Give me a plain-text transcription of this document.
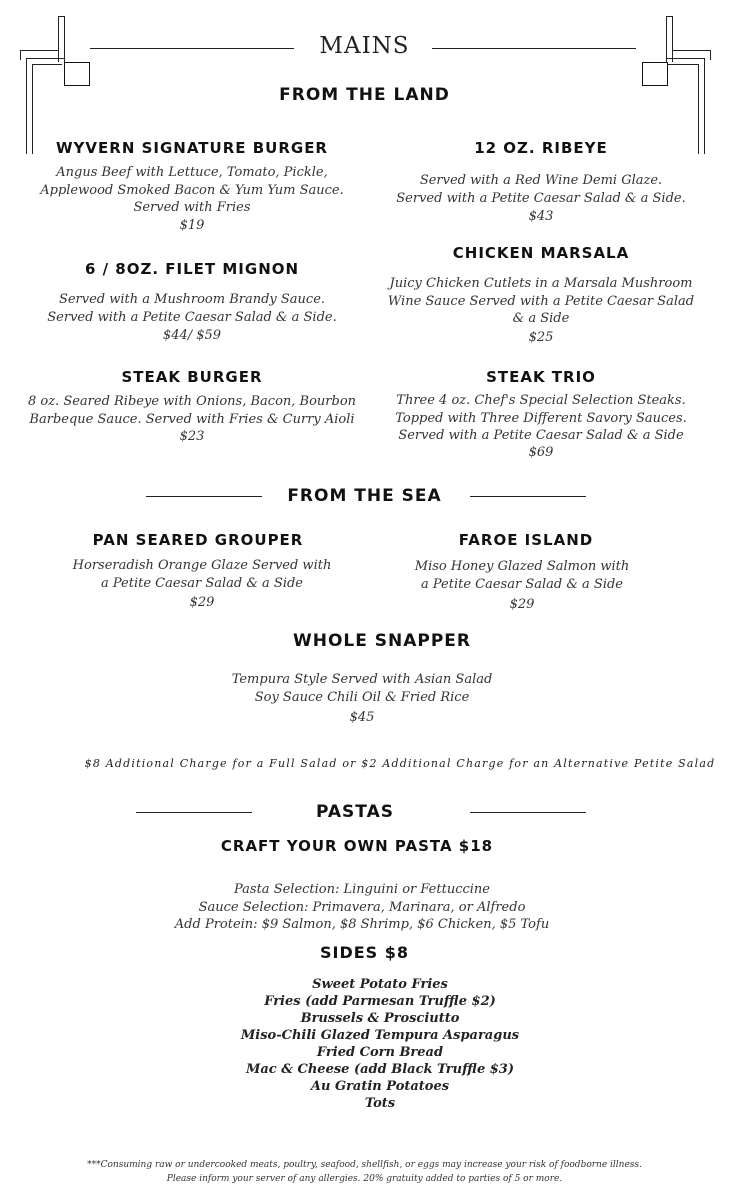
MAINS
FROM THE LAND
WYVERN SIGNATURE BURGER
Angus Beef with Lettuce, Tomato, Pickle,
Applewood Smoked Bacon & Yum Yum Sauce.
Served with Fries
$19
12 OZ. RIBEYE
Served with a Red Wine Demi Glaze.
Served with a Petite Caesar Salad & a Side.
$43
CHICKEN MARSALA
Juicy Chicken Cutlets in a Marsala Mushroom
Wine Sauce Served with a Petite Caesar Salad
& a Side
$25
6 / 8OZ. FILET MIGNON
Served with a Mushroom Brandy Sauce.
Served with a Petite Caesar Salad & a Side.
$44/ $59
STEAK BURGER
8 oz. Seared Ribeye with Onions, Bacon, Bourbon
Barbeque Sauce. Served with Fries & Curry Aioli
$23
STEAK TRIO
Three 4 oz. Chef's Special Selection Steaks.
Topped with Three Different Savory Sauces.
Served with a Petite Caesar Salad & a Side
$69
FROM THE SEA
PAN SEARED GROUPER
Horseradish Orange Glaze Served with
a Petite Caesar Salad & a Side
$29
FAROE ISLAND
Miso Honey Glazed Salmon with
a Petite Caesar Salad & a Side
$29
WHOLE SNAPPER
Tempura Style Served with Asian Salad
Soy Sauce Chili Oil & Fried Rice
$45
$8 Additional Charge for a Full Salad or $2 Additional Charge for an Alternative Petite Salad
PASTAS
CRAFT YOUR OWN PASTA $18
Pasta Selection: Linguini or Fettuccine
Sauce Selection: Primavera, Marinara, or Alfredo
Add Protein: $9 Salmon, $8 Shrimp, $6 Chicken, $5 Tofu
SIDES $8
Sweet Potato Fries
Fries (add Parmesan Truffle $2)
Brussels & Prosciutto
Miso-Chili Glazed Tempura Asparagus
Fried Corn Bread
Mac & Cheese (add Black Truffle $3)
Au Gratin Potatoes
Tots
***Consuming raw or undercooked meats, poultry, seafood, shellfish, or eggs may increase your risk of foodborne illness.
Please inform your server of any allergies. 20% gratuity added to parties of 5 or more.
